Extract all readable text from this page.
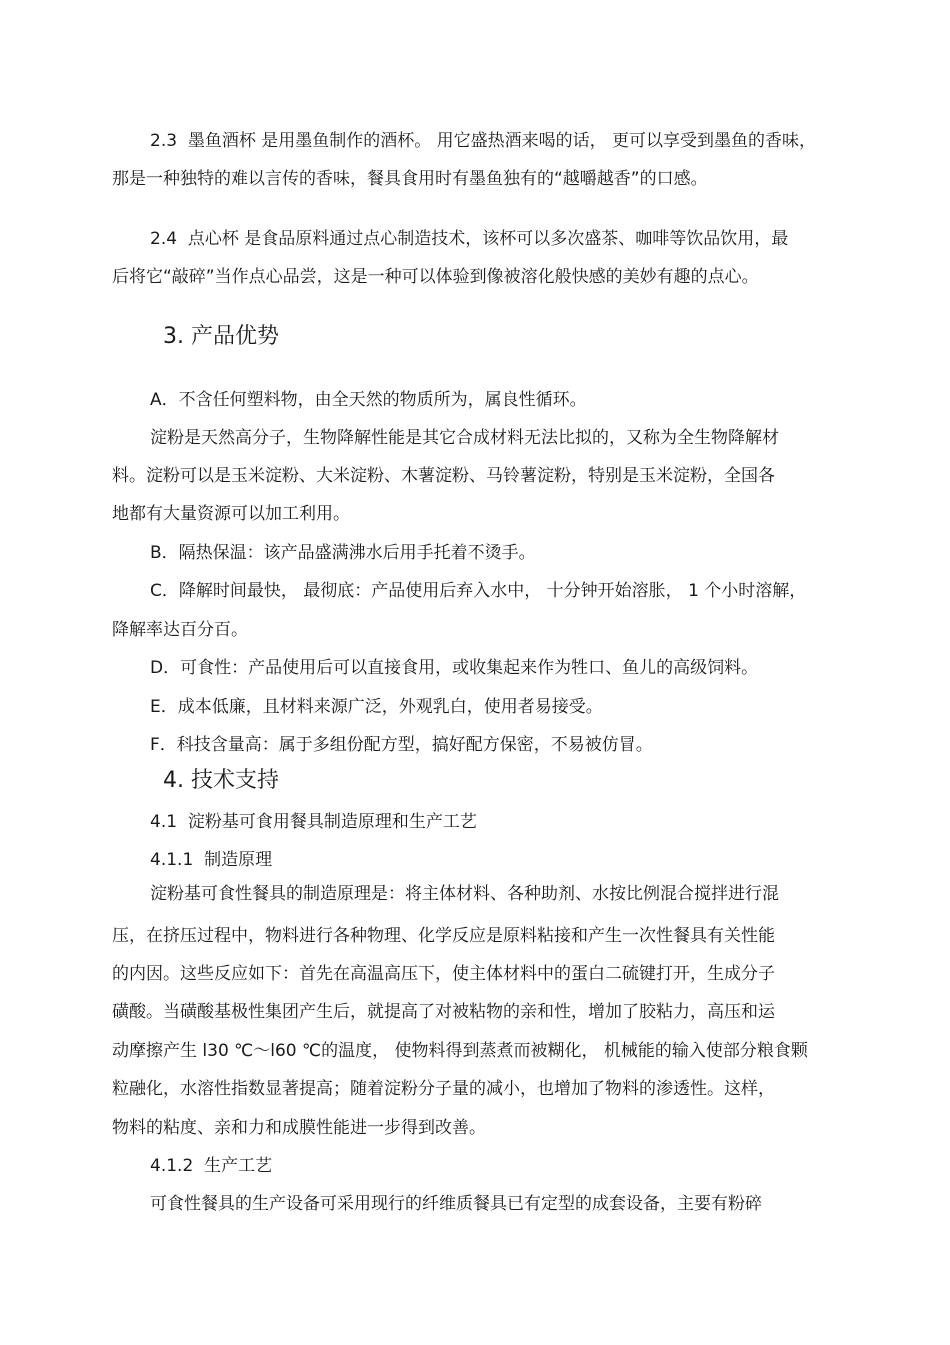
2.3  墨鱼酒杯 是用墨鱼制作的酒杯。 用它盛热酒来喝的话， 更可以享受到墨鱼的香味，

那是一种独特的难以言传的香味，餐具食用时有墨鱼独有的“越嚼越香”的口感。

2.4  点心杯 是食品原料通过点心制造技术，该杯可以多次盛茶、咖啡等饮品饮用，最

后将它“敲碎”当作点心品尝，这是一种可以体验到像被溶化般快感的美妙有趣的点心。

3. 产品优势

A．不含任何塑料物，由全天然的物质所为，属良性循环。

淀粉是天然高分子，生物降解性能是其它合成材料无法比拟的，又称为全生物降解材

料。淀粉可以是玉米淀粉、大米淀粉、木薯淀粉、马铃薯淀粉，特别是玉米淀粉，全国各

地都有大量资源可以加工利用。

B．隔热保温：该产品盛满沸水后用手托着不烫手。

C．降解时间最快， 最彻底：产品使用后弃入水中， 十分钟开始溶胀， 1 个小时溶解，

降解率达百分百。

D．可食性：产品使用后可以直接食用，或收集起来作为牲口、鱼儿的高级饲料。

E．成本低廉，且材料来源广泛，外观乳白，使用者易接受。

F．科技含量高：属于多组份配方型，搞好配方保密，不易被仿冒。

4. 技术支持

4.1  淀粉基可食用餐具制造原理和生产工艺

4.1.1  制造原理

淀粉基可食性餐具的制造原理是：将主体材料、各种助剂、水按比例混合搅拌进行混

压，在挤压过程中，物料进行各种物理、化学反应是原料粘接和产生一次性餐具有关性能

的内因。这些反应如下：首先在高温高压下，使主体材料中的蛋白二硫键打开，生成分子

磺酸。当磺酸基极性集团产生后，就提高了对被粘物的亲和性，增加了胶粘力，高压和运

动摩擦产生 l30 ℃～l60 ℃的温度， 使物料得到蒸煮而被糊化， 机械能的输入使部分粮食颗

粒融化，水溶性指数显著提高；随着淀粉分子量的减小，也增加了物料的渗透性。这样，

物料的粘度、亲和力和成膜性能进一步得到改善。

4.1.2  生产工艺

可食性餐具的生产设备可采用现行的纤维质餐具已有定型的成套设备，主要有粉碎
